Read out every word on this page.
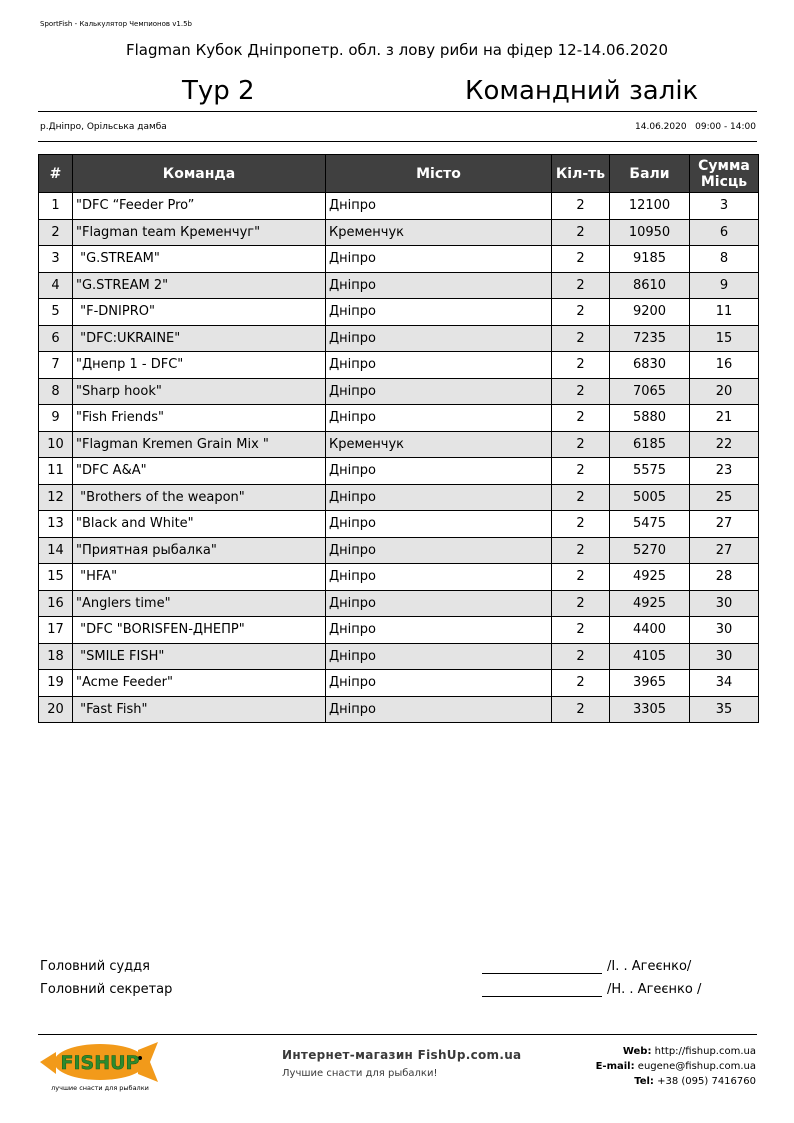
SportFish - Калькулятор Чемпионов v1.5b
Flagman Кубок Дніпропетр. обл. з лову риби на фідер 12-14.06.2020
Тур 2	Командний залік
р.Дніпро, Орільська дамба	14.06.2020   09:00 - 14:00
#	Команда	Місто	Кіл-ть	Бали	Сумма
Місць

1	"DFC “Feeder Pro”	Дніпро	2	12100	3
2	"Flagman team Кременчуг"	Кременчук	2	10950	6
3	"G.STREAM"	Дніпро	2	9185	8
4	"G.STREAM 2"	Дніпро	2	8610	9
5	"F-DNIPRO"	Дніпро	2	9200	11
6	"DFC:UKRAINE"	Дніпро	2	7235	15
7	"Днепр 1 - DFC"	Дніпро	2	6830	16
8	"Sharp hook"	Дніпро	2	7065	20
9	"Fish Friends"	Дніпро	2	5880	21
10	"Flagman Kremen Grain Mix "	Кременчук	2	6185	22
11	"DFC A&A"	Дніпро	2	5575	23
12	"Brothers of the weapon"	Дніпро	2	5005	25
13	"Black and White"	Дніпро	2	5475	27
14	"Приятная рыбалка"	Дніпро	2	5270	27
15	"HFA"	Дніпро	2	4925	28
16	"Anglers time"	Дніпро	2	4925	30
17	"DFC "BORISFEN-ДНЕПР"	Дніпро	2	4400	30
18	"SMILE FISH"	Дніпро	2	4105	30
19	"Acme Feeder"	Дніпро	2	3965	34
20	"Fast Fish"	Дніпро	2	3305	35
Головний суддя	/І. . Агеєнко/
Головний секретар	/Н. . Агеєнко /
FISHUP
лучшие снасти для рыбалки
Интернет-магазин FishUp.com.ua
Лучшие снасти для рыбалки!
Web: http://fishup.com.ua
E-mail: eugene@fishup.com.ua
Tel: +38 (095) 7416760
